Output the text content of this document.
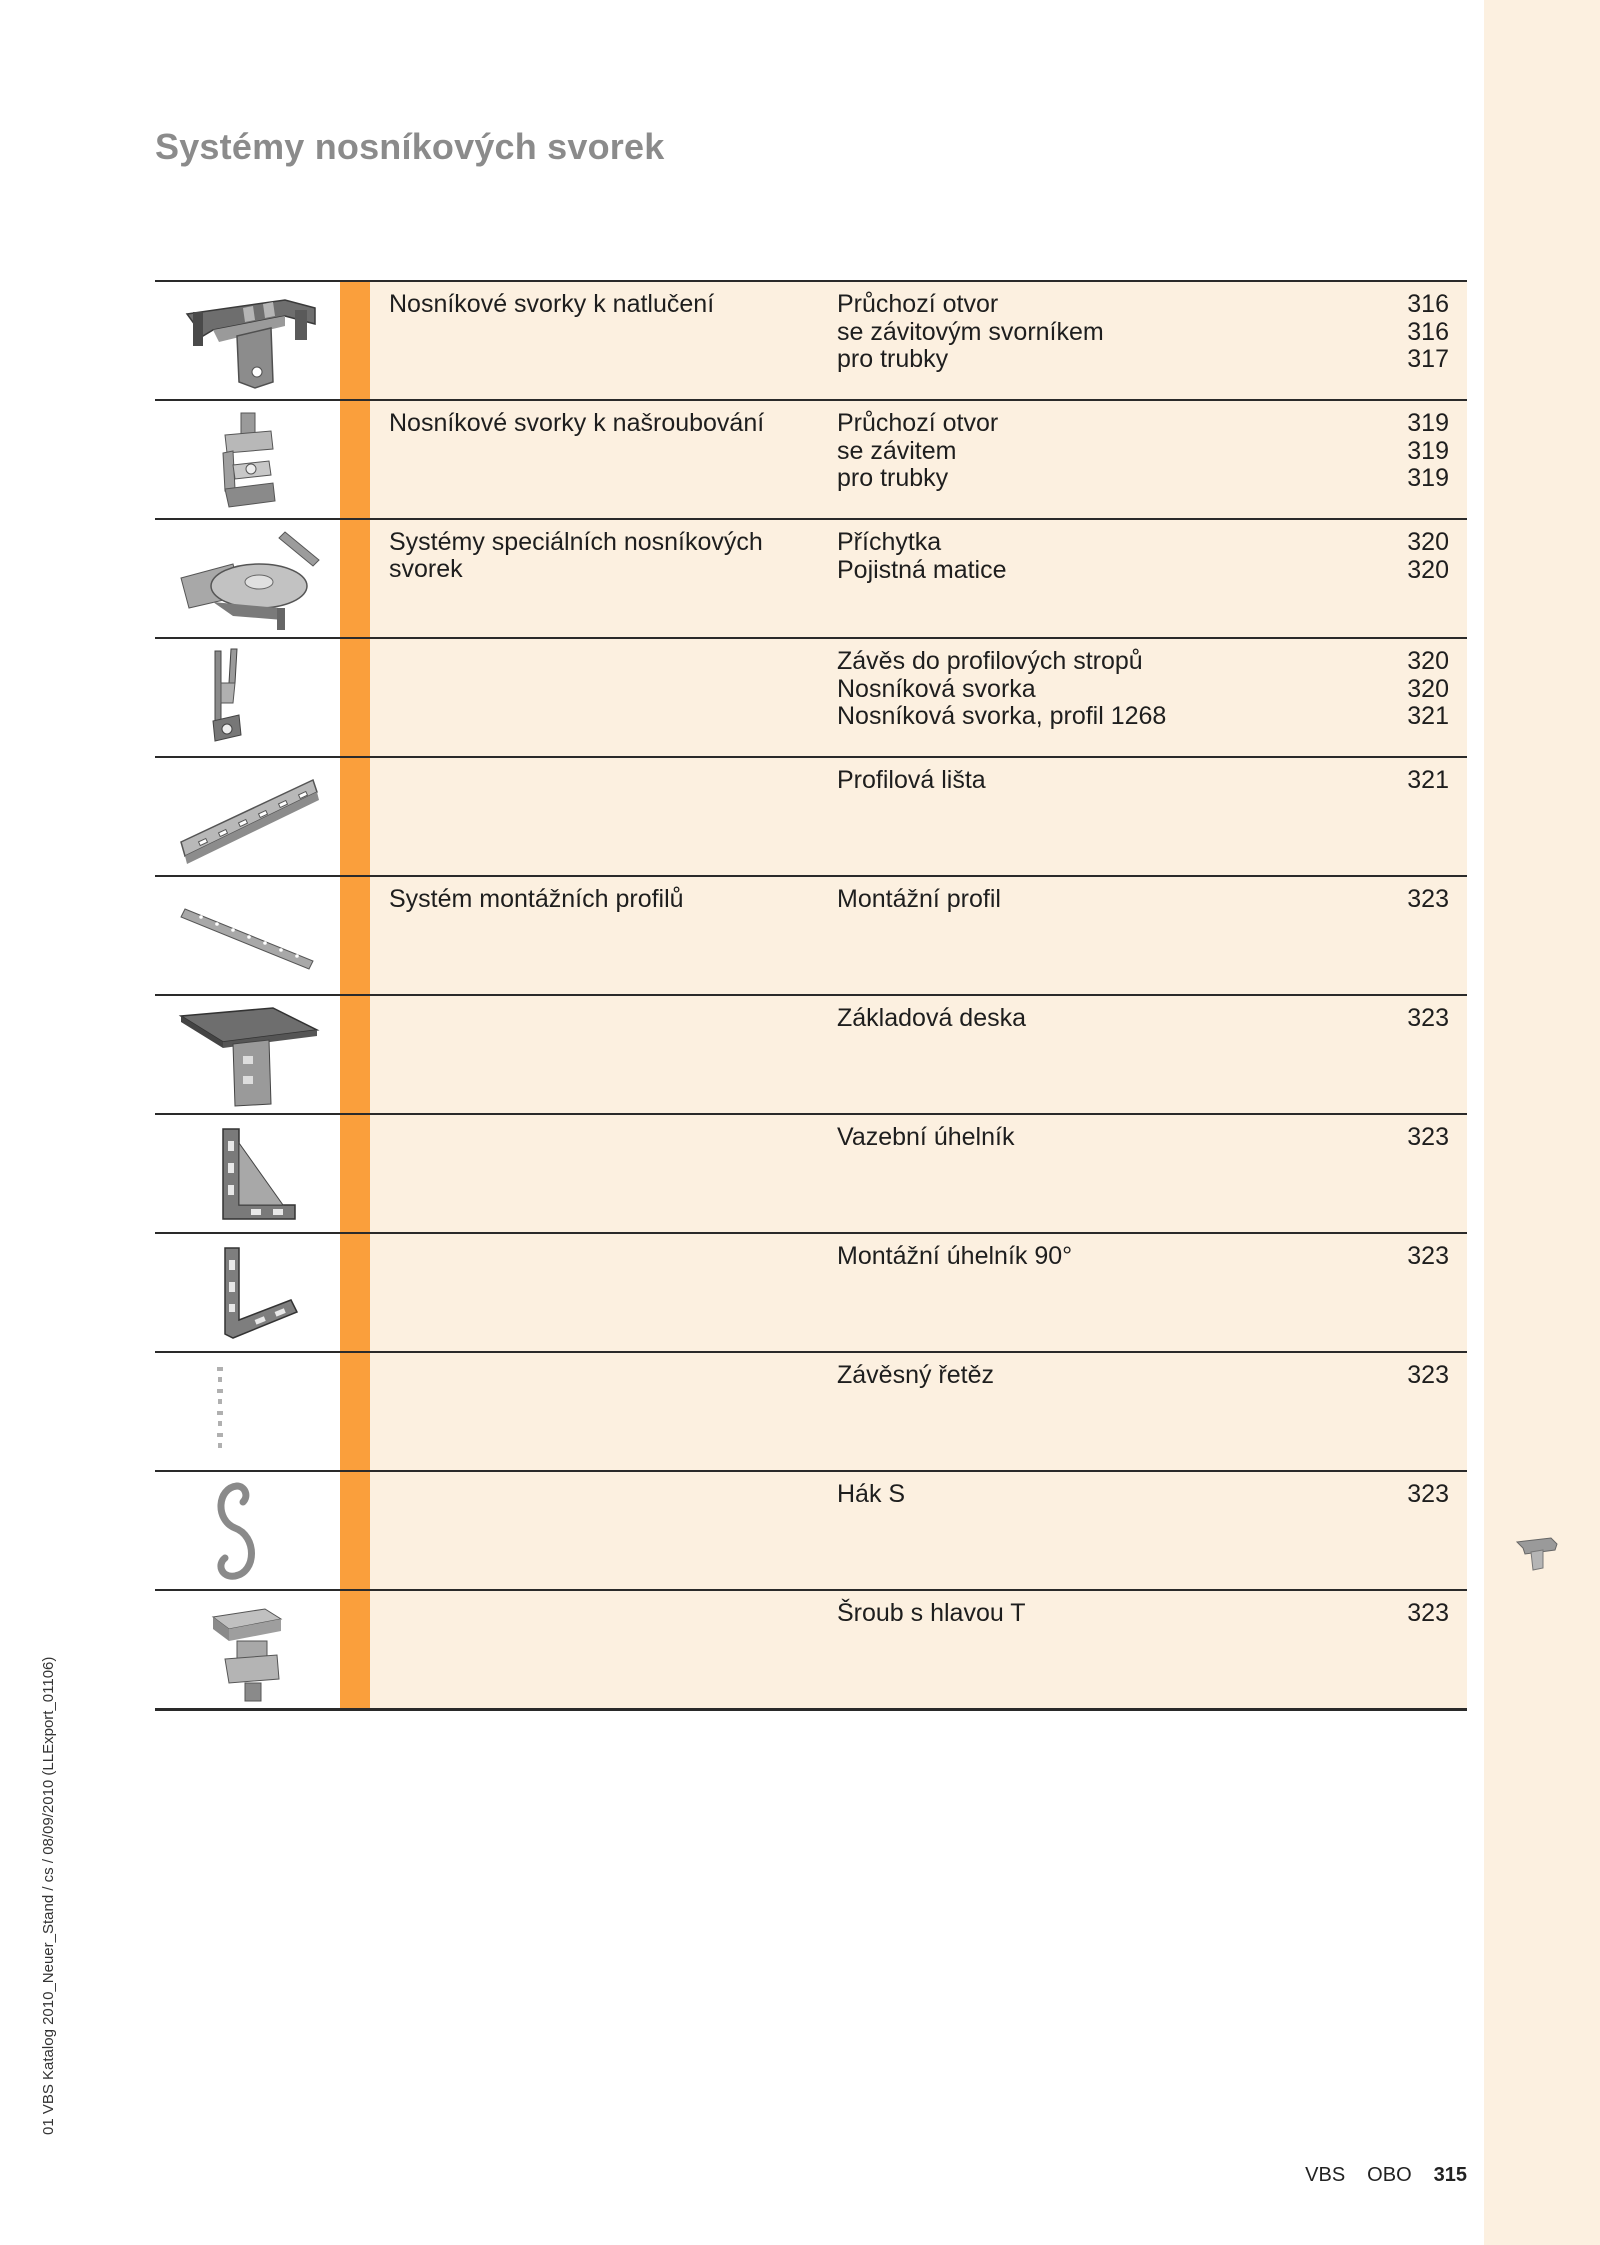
Systémy nosníkových svorek
Nosníkové svorky k natlučení	Průchozí otvor	316
se závitovým svorníkem	316
pro trubky	317
Nosníkové svorky k našroubování	Průchozí otvor	319
se závitem	319
pro trubky	319
Systémy speciálních nosníkových svorek
Příchytka	320
Pojistná matice	320
Závěs do profilových stropů	320
Nosníková svorka	320
Nosníková svorka, profil 1268	321
Profilová lišta	321
Systém montážních profilů	Montážní profil	323
Základová deska	323
Vazební úhelník	323
Montážní úhelník 90°	323
Závěsný řetěz	323
Hák S	323
Šroub s hlavou T	323
01 VBS Katalog 2010_Neuer_Stand / cs / 08/09/2010 (LLExport_01106)
VBS OBO 315
